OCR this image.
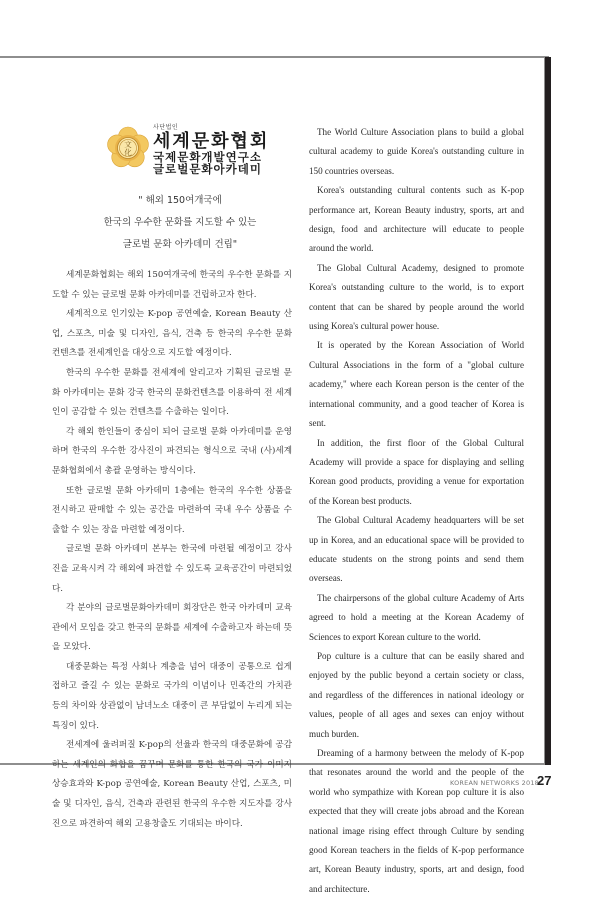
文
化
사단법인
세계문화협회
국제문화개발연구소
글로벌문화아카데미
" 해외 150여개국에
한국의 우수한 문화를 지도할 수 있는
글로벌 문화 아카데미 건립"

세계문화협회는 해외 150여개국에 한국의 우수한 문화를 지도할 수 있는 글로벌 문화 아카데미를 건립하고자 한다.

세계적으로 인기있는 K-pop 공연예술, Korean Beauty 산업, 스포츠, 미술 및 디자인, 음식, 건축 등 한국의 우수한 문화 컨텐츠를 전세계인을 대상으로 지도할 예정이다.

한국의 우수한 문화를 전세계에 알리고자 기획된 글로벌 문화 아카데미는 문화 강국 한국의 문화컨텐츠를 이용하여 전 세계인이 공감할 수 있는 컨텐츠를 수출하는 일이다.

각 해외 한인들이 중심이 되어 글로벌 문화 아카데미를 운영하며 한국의 우수한 강사진이 파견되는 형식으로 국내 (사)세계문화협회에서 총괄 운영하는 방식이다.

또한 글로벌 문화 아카데미 1층에는 한국의 우수한 상품을 전시하고 판매할 수 있는 공간을 마련하여 국내 우수 상품을 수출할 수 있는 장을 마련할 예정이다.

글로벌 문화 아카데미 본부는 한국에 마련될 예정이고 강사진을 교육시켜 각 해외에 파견할 수 있도록 교육공간이 마련되었다.

각 분야의 글로벌문화아카데미 회장단은 한국 아카데미 교육관에서 모임을 갖고 한국의 문화를 세계에 수출하고자 하는데 뜻을 모았다.

대중문화는 특정 사회나 계층을 넘어 대중이 공통으로 쉽게 접하고 즐길 수 있는 문화로 국가의 이념이나 민족간의 가치관 등의 차이와 상관없이 남녀노소 대중이 큰 부담없이 누리게 되는 특징이 있다.

전세계에 울려퍼질 K-pop의 선율과 한국의 대중문화에 공감하는 세계인의 화합을 꿈꾸며 문화를 통한 한국의 국가 이미지 상승효과와 K-pop 공연예술, Korean Beauty 산업, 스포츠, 미술 및 디자인, 음식, 건축과 관련된 한국의 우수한 지도자를 강사진으로 파견하여 해외 고용창출도 기대되는 바이다.

The World Culture Association plans to build a global cultural academy to guide Korea's outstanding culture in 150 countries overseas.

Korea's outstanding cultural contents such as K-pop performance art, Korean Beauty industry, sports, art and design, food and architecture will educate to people around the world.

The Global Cultural Academy, designed to promote Korea's outstanding culture to the world, is to export content that can be shared by people around the world using Korea's cultural power house.

It is operated by the Korean Association of World Cultural Associations in the form of a "global culture academy," where each Korean person is the center of the international community, and a good teacher of Korea is sent.

In addition, the first floor of the Global Cultural Academy will provide a space for displaying and selling Korean good products, providing a venue for exportation of the Korean best products.

The Global Cultural Academy headquarters will be set up in Korea, and an educational space will be provided to educate students on the strong points and send them overseas.

The chairpersons of the global culture Academy of Arts agreed to hold a meeting at the Korean Academy of Sciences to export Korean culture to the world.

Pop culture is a culture that can be easily shared and enjoyed by the public beyond a certain society or class, and regardless of the differences in national ideology or values, people of all ages and sexes can enjoy without much burden.

Dreaming of a harmony between the melody of K-pop that resonates around the world and the people of the world who sympathize with Korean pop culture it is also expected that they will create jobs abroad and the Korean national image rising effect through Culture by sending good Korean teachers in the fields of K-pop performance art, Korean Beauty industry, sports, art and design, food and architecture.

KOREAN NETWORKS 2018
27
